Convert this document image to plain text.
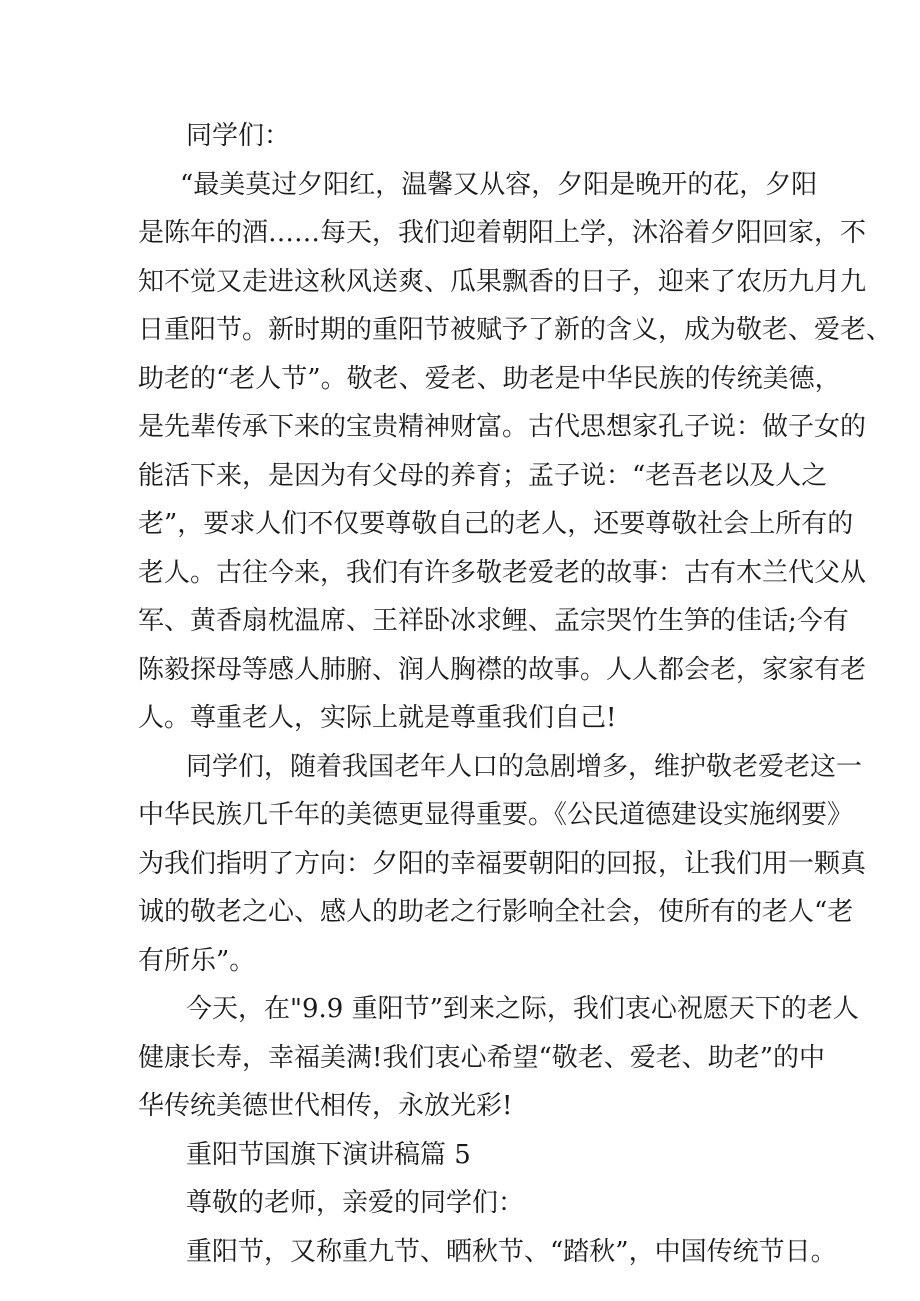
同学们：
“最美莫过夕阳红，温馨又从容，夕阳是晚开的花，夕阳
是陈年的酒……每天，我们迎着朝阳上学，沐浴着夕阳回家，不
知不觉又走进这秋风送爽、瓜果飘香的日子，迎来了农历九月九
日重阳节。新时期的重阳节被赋予了新的含义，成为敬老、爱老、
助老的“老人节”。敬老、爱老、助老是中华民族的传统美德，
是先辈传承下来的宝贵精神财富。古代思想家孔子说：做子女的
能活下来，是因为有父母的养育；孟子说：“老吾老以及人之
老”，要求人们不仅要尊敬自己的老人，还要尊敬社会上所有的
老人。古往今来，我们有许多敬老爱老的故事：古有木兰代父从
军、黄香扇枕温席、王祥卧冰求鲤、孟宗哭竹生笋的佳话;今有
陈毅探母等感人肺腑、润人胸襟的故事。人人都会老，家家有老
人。尊重老人，实际上就是尊重我们自己!
同学们，随着我国老年人口的急剧增多，维护敬老爱老这一
中华民族几千年的美德更显得重要。《公民道德建设实施纲要》
为我们指明了方向：夕阳的幸福要朝阳的回报，让我们用一颗真
诚的敬老之心、感人的助老之行影响全社会，使所有的老人“老
有所乐”。
今天，在"9.9 重阳节”到来之际，我们衷心祝愿天下的老人
健康长寿，幸福美满!我们衷心希望“敬老、爱老、助老”的中
华传统美德世代相传，永放光彩!
重阳节国旗下演讲稿篇 5
尊敬的老师，亲爱的同学们：
重阳节，又称重九节、晒秋节、“踏秋”，中国传统节日。
